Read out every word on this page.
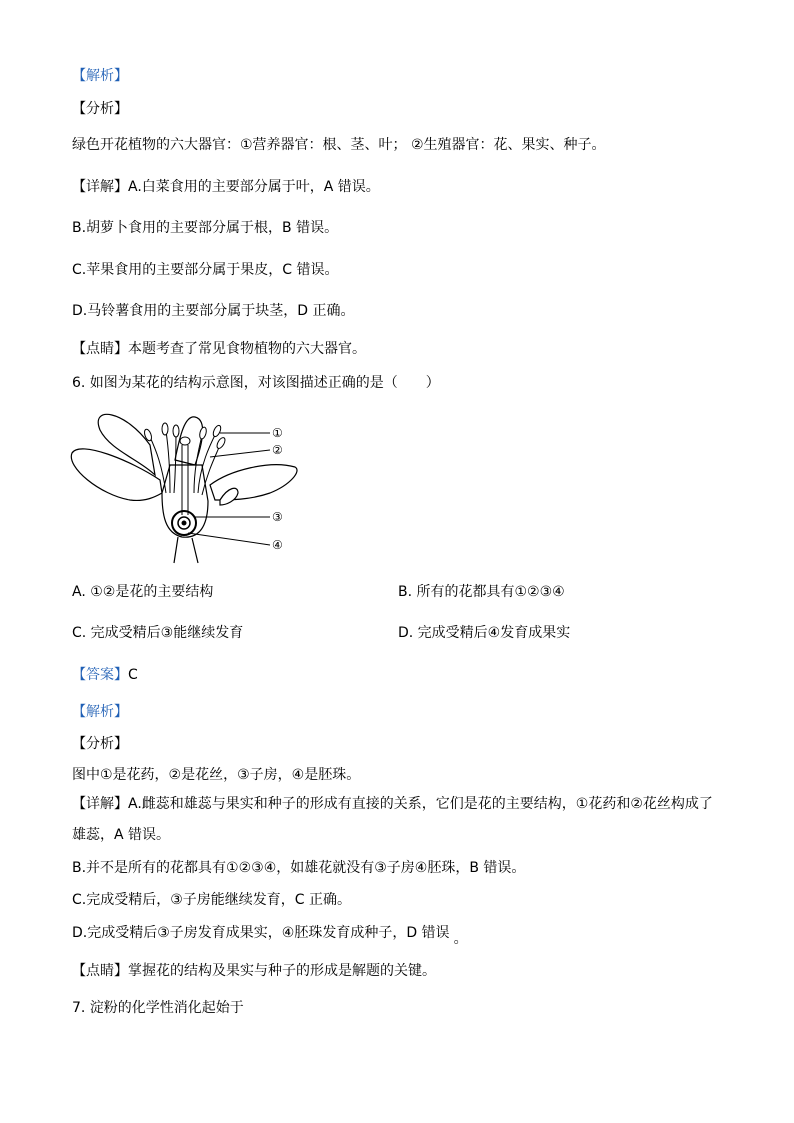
【解析】
【分析】
绿色开花植物的六大器官：①营养器官：根、茎、叶； ②生殖器官：花、果实、种子。
【详解】A.白菜食用的主要部分属于叶，A 错误。
B.胡萝卜食用的主要部分属于根，B 错误。
C.苹果食用的主要部分属于果皮，C 错误。
D.马铃薯食用的主要部分属于块茎，D 正确。
【点睛】本题考查了常见食物植物的六大器官。
6. 如图为某花的结构示意图，对该图描述正确的是（　　）
①
②
③
④
A. ①②是花的主要结构	B. 所有的花都具有①②③④
C. 完成受精后③能继续发育	D. 完成受精后④发育成果实
【答案】C
【解析】
【分析】
图中①是花药，②是花丝，③子房，④是胚珠。
【详解】A.雌蕊和雄蕊与果实和种子的形成有直接的关系，它们是花的主要结构，①花药和②花丝构成了
雄蕊，A 错误。
B.并不是所有的花都具有①②③④，如雄花就没有③子房④胚珠，B 错误。
C.完成受精后，③子房能继续发育，C 正确。
D.完成受精后③子房发育成果实，④胚珠发育成种子，D 错误 。
【点睛】掌握花的结构及果实与种子的形成是解题的关键。
7. 淀粉的化学性消化起始于
